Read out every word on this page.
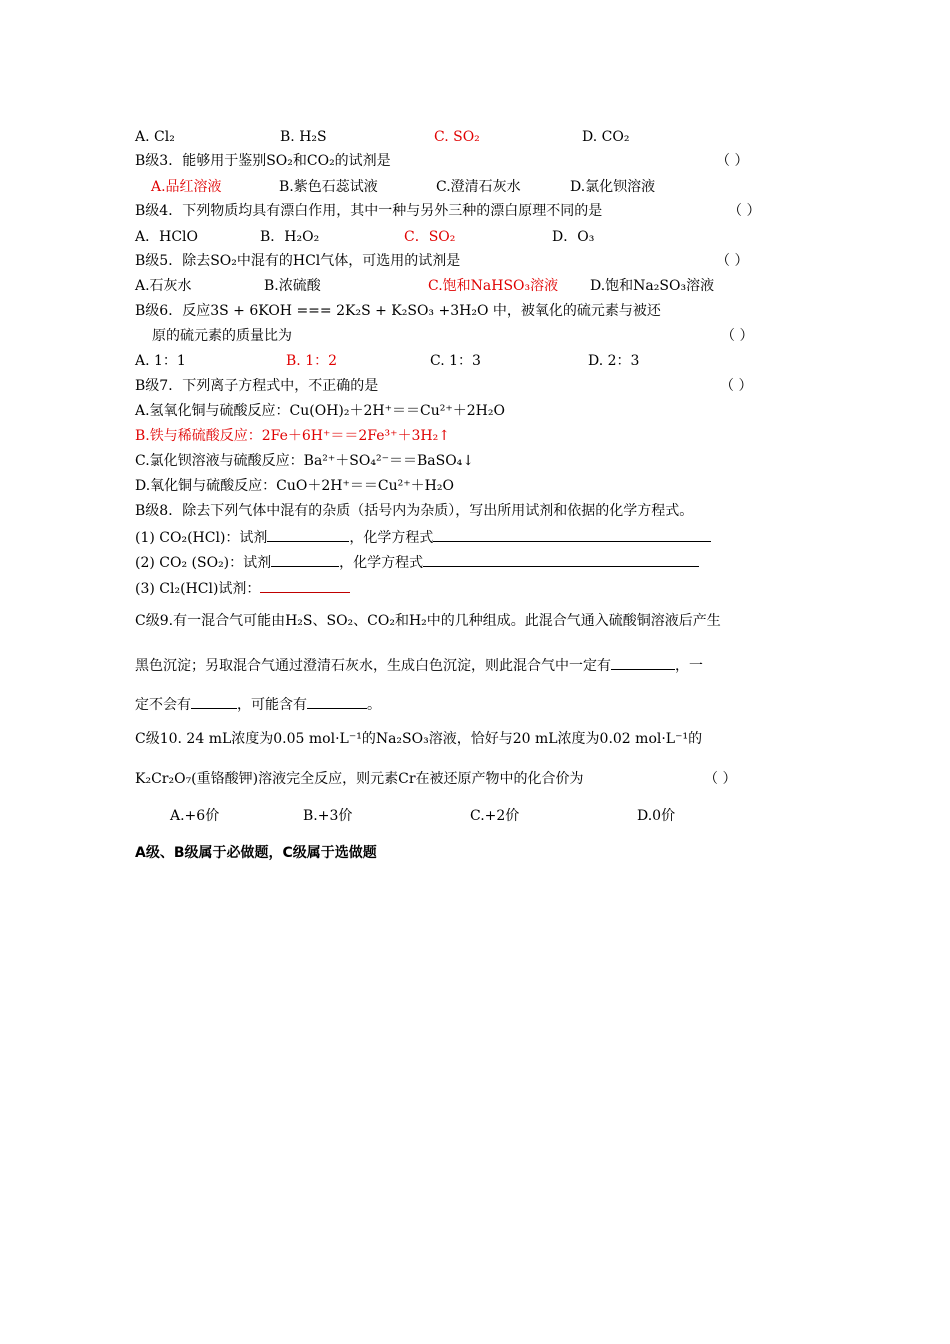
A. Cl₂	B. H₂S	C. SO₂	D. CO₂
B级3．能够用于鉴别SO₂和CO₂的试剂是	（ ）
A.品红溶液	B.紫色石蕊试液	C.澄清石灰水	D.氯化钡溶液
B级4．下列物质均具有漂白作用，其中一种与另外三种的漂白原理不同的是	（ ）
A．HClO	B．H₂O₂	C．SO₂	D．O₃
B级5．除去SO₂中混有的HCl气体，可选用的试剂是	（ ）
A.石灰水	B.浓硫酸	C.饱和NaHSO₃溶液 D.饱和Na₂SO₃溶液
B级6．反应3S + 6KOH === 2K₂S + K₂SO₃ +3H₂O 中，被氧化的硫元素与被还
原的硫元素的质量比为	（ ）
A. 1：1	B. 1：2	C. 1：3	D. 2：3
B级7．下列离子方程式中，不正确的是	（ ）
A.氢氧化铜与硫酸反应：Cu(OH)₂＋2H⁺＝＝Cu²⁺＋2H₂O
B.铁与稀硫酸反应：2Fe＋6H⁺＝＝2Fe³⁺＋3H₂↑
C.氯化钡溶液与硫酸反应：Ba²⁺＋SO₄²⁻＝＝BaSO₄↓
D.氧化铜与硫酸反应：CuO＋2H⁺＝＝Cu²⁺＋H₂O
B级8．除去下列气体中混有的杂质（括号内为杂质），写出所用试剂和依据的化学方程式。
(1) CO₂(HCl)：试剂	，化学方程式
(2) CO₂ (SO₂)：试剂	，化学方程式
(3) Cl₂(HCl)试剂：
C级9.有一混合气可能由H₂S、SO₂、CO₂和H₂中的几种组成。此混合气通入硫酸铜溶液后产生
黑色沉淀；另取混合气通过澄清石灰水，生成白色沉淀，则此混合气中一定有	，一
定不会有	，可能含有	。
C级10. 24 mL浓度为0.05 mol·L⁻¹的Na₂SO₃溶液，恰好与20 mL浓度为0.02 mol·L⁻¹的
K₂Cr₂O₇(重铬酸钾)溶液完全反应，则元素Cr在被还原产物中的化合价为	（ ）
A.+6价	B.+3价	C.+2价	D.0价
A级、B级属于必做题，C级属于选做题
